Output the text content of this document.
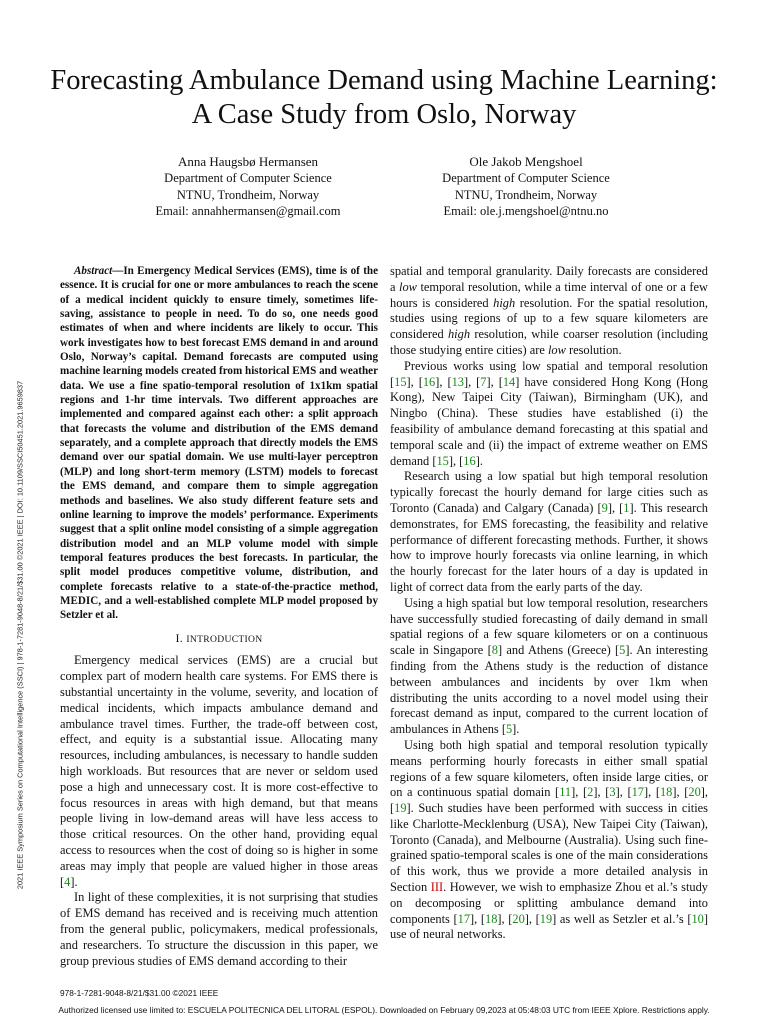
2021 IEEE Symposium Series on Computational Intelligence (SSCI) | 978-1-7281-9048-8/21/$31.00 ©2021 IEEE | DOI: 10.1109/SSCI50451.2021.9659837
Forecasting Ambulance Demand using Machine Learning: A Case Study from Oslo, Norway
Anna Haugsbø Hermansen
Department of Computer Science
NTNU, Trondheim, Norway
Email: annahhermansen@gmail.com
Ole Jakob Mengshoel
Department of Computer Science
NTNU, Trondheim, Norway
Email: ole.j.mengshoel@ntnu.no

Abstract—In Emergency Medical Services (EMS), time is of the essence. It is crucial for one or more ambulances to reach the scene of a medical incident quickly to ensure timely, sometimes life-saving, assistance to people in need. To do so, one needs good estimates of when and where incidents are likely to occur. This work investigates how to best forecast EMS demand in and around Oslo, Norway’s capital. Demand forecasts are computed using machine learning models created from historical EMS and weather data. We use a fine spatio-temporal resolution of 1x1km spatial regions and 1-hr time intervals. Two different approaches are implemented and compared against each other: a split approach that forecasts the volume and distribution of the EMS demand separately, and a complete approach that directly models the EMS demand over our spatial domain. We use multi-layer perceptron (MLP) and long short-term memory (LSTM) models to forecast the EMS demand, and compare them to simple aggregation methods and baselines. We also study different feature sets and online learning to improve the models’ performance. Experiments suggest that a split online model consisting of a simple aggregation distribution model and an MLP volume model with simple temporal features produces the best forecasts. In particular, the split model produces competitive volume, distribution, and complete forecasts relative to a state-of-the-practice method, MEDIC, and a well-established complete MLP model proposed by Setzler et al.

I. INTRODUCTION

Emergency medical services (EMS) are a crucial but complex part of modern health care systems. For EMS there is substantial uncertainty in the volume, severity, and location of medical incidents, which impacts ambulance demand and ambulance travel times. Further, the trade-off between cost, effect, and equity is a substantial issue. Allocating many resources, including ambulances, is necessary to handle sudden high workloads. But resources that are never or seldom used pose a high and unnecessary cost. It is more cost-effective to focus resources in areas with high demand, but that means people living in low-demand areas will have less access to those critical resources. On the other hand, providing equal access to resources when the cost of doing so is higher in some areas may imply that people are valued higher in those areas [4].

In light of these complexities, it is not surprising that studies of EMS demand has received and is receiving much attention from the general public, policymakers, medical professionals, and researchers. To structure the discussion in this paper, we group previous studies of EMS demand according to their

spatial and temporal granularity. Daily forecasts are considered a low temporal resolution, while a time interval of one or a few hours is considered high resolution. For the spatial resolution, studies using regions of up to a few square kilometers are considered high resolution, while coarser resolution (including those studying entire cities) are low resolution.

Previous works using low spatial and temporal resolution [15], [16], [13], [7], [14] have considered Hong Kong (Hong Kong), New Taipei City (Taiwan), Birmingham (UK), and Ningbo (China). These studies have established (i) the feasibility of ambulance demand forecasting at this spatial and temporal scale and (ii) the impact of extreme weather on EMS demand [15], [16].

Research using a low spatial but high temporal resolution typically forecast the hourly demand for large cities such as Toronto (Canada) and Calgary (Canada) [9], [1]. This research demonstrates, for EMS forecasting, the feasibility and relative performance of different forecasting methods. Further, it shows how to improve hourly forecasts via online learning, in which the hourly forecast for the later hours of a day is updated in light of correct data from the early parts of the day.

Using a high spatial but low temporal resolution, researchers have successfully studied forecasting of daily demand in small spatial regions of a few square kilometers or on a continuous scale in Singapore [8] and Athens (Greece) [5]. An interesting finding from the Athens study is the reduction of distance between ambulances and incidents by over 1km when distributing the units according to a novel model using their forecast demand as input, compared to the current location of ambulances in Athens [5].

Using both high spatial and temporal resolution typically means performing hourly forecasts in either small spatial regions of a few square kilometers, often inside large cities, or on a continuous spatial domain [11], [2], [3], [17], [18], [20], [19]. Such studies have been performed with success in cities like Charlotte-Mecklenburg (USA), New Taipei City (Taiwan), Toronto (Canada), and Melbourne (Australia). Using such fine-grained spatio-temporal scales is one of the main considerations of this work, thus we provide a more detailed analysis in Section III. However, we wish to emphasize Zhou et al.’s study on decomposing or splitting ambulance demand into components [17], [18], [20], [19] as well as Setzler et al.’s [10] use of neural networks.

978-1-7281-9048-8/21/$31.00 ©2021 IEEE
Authorized licensed use limited to: ESCUELA POLITECNICA DEL LITORAL (ESPOL). Downloaded on February 09,2023 at 05:48:03 UTC from IEEE Xplore. Restrictions apply.
